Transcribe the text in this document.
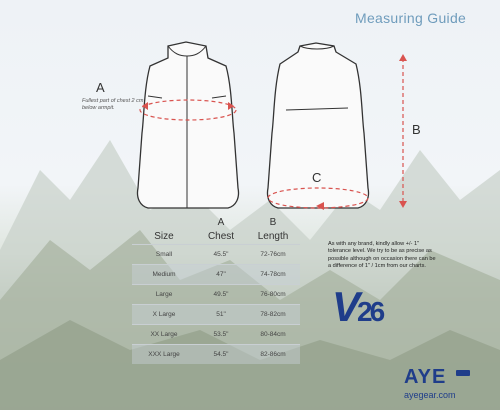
Measuring Guide
A
Fullest part of chest 2 cm below armpit.
B
C
	A	B
Size	Chest	Length
Small	45.5"	72-76cm
Medium	47"	74-78cm
Large	49.5"	76-80cm
X Large	51"	78-82cm
XX Large	53.5"	80-84cm
XXX Large	54.5"	82-86cm
As with any brand, kindly allow +/- 1" tolerance level. We try to be as precise as possible although on occasion there can be a difference of 1" / 1cm from our charts.
V26
AYE
ayegear.com
